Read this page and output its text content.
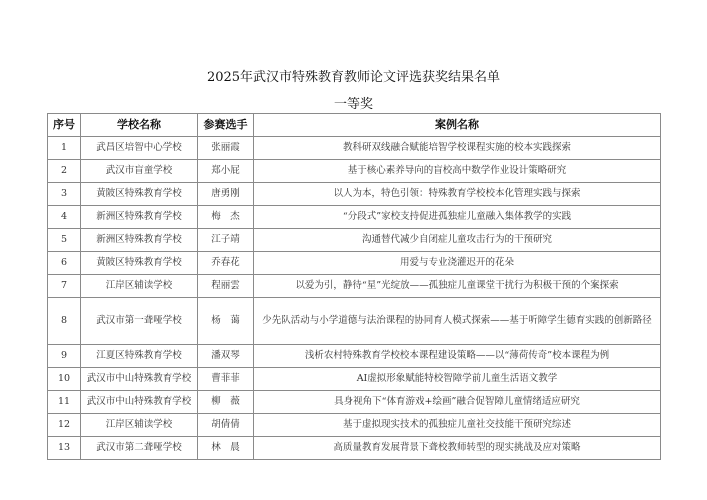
2025年武汉市特殊教育教师论文评选获奖结果名单
一等奖
序号	学校名称	参赛选手	案例名称
1	武昌区培智中心学校	张丽霞	教科研双线融合赋能培智学校课程实施的校本实践探索
2	武汉市盲童学校	郑小屁	基于核心素养导向的盲校高中数学作业设计策略研究
3	黄陂区特殊教育学校	唐勇刚	以人为本，特色引领：特殊教育学校校本化管理实践与探索
4	新洲区特殊教育学校	梅　杰	“分段式”家校支持促进孤独症儿童融入集体教学的实践
5	新洲区特殊教育学校	江子靖	沟通替代减少自闭症儿童攻击行为的干预研究
6	黄陂区特殊教育学校	乔春花	用爱与专业浇灌迟开的花朵
7	江岸区辅读学校	程丽雲	以爱为引，静待“星”光绽放——孤独症儿童课堂干扰行为积极干预的个案探索
8	武汉市第一聋哑学校	杨　蔼	少先队活动与小学道德与法治课程的协同育人模式探索——基于听障学生德育实践的创新路径
9	江夏区特殊教育学校	潘双琴	浅析农村特殊教育学校校本课程建设策略——以“薄荷传奇”校本课程为例
10	武汉市中山特殊教育学校	曹菲菲	AI虚拟形象赋能特校智障学前儿童生活语文教学
11	武汉市中山特殊教育学校	柳　薇	具身视角下“体育游戏+绘画”融合促智障儿童情绪适应研究
12	江岸区辅读学校	胡倩倩	基于虚拟现实技术的孤独症儿童社交技能干预研究综述
13	武汉市第二聋哑学校	林　晨	高质量教育发展背景下聋校教师转型的现实挑战及应对策略
